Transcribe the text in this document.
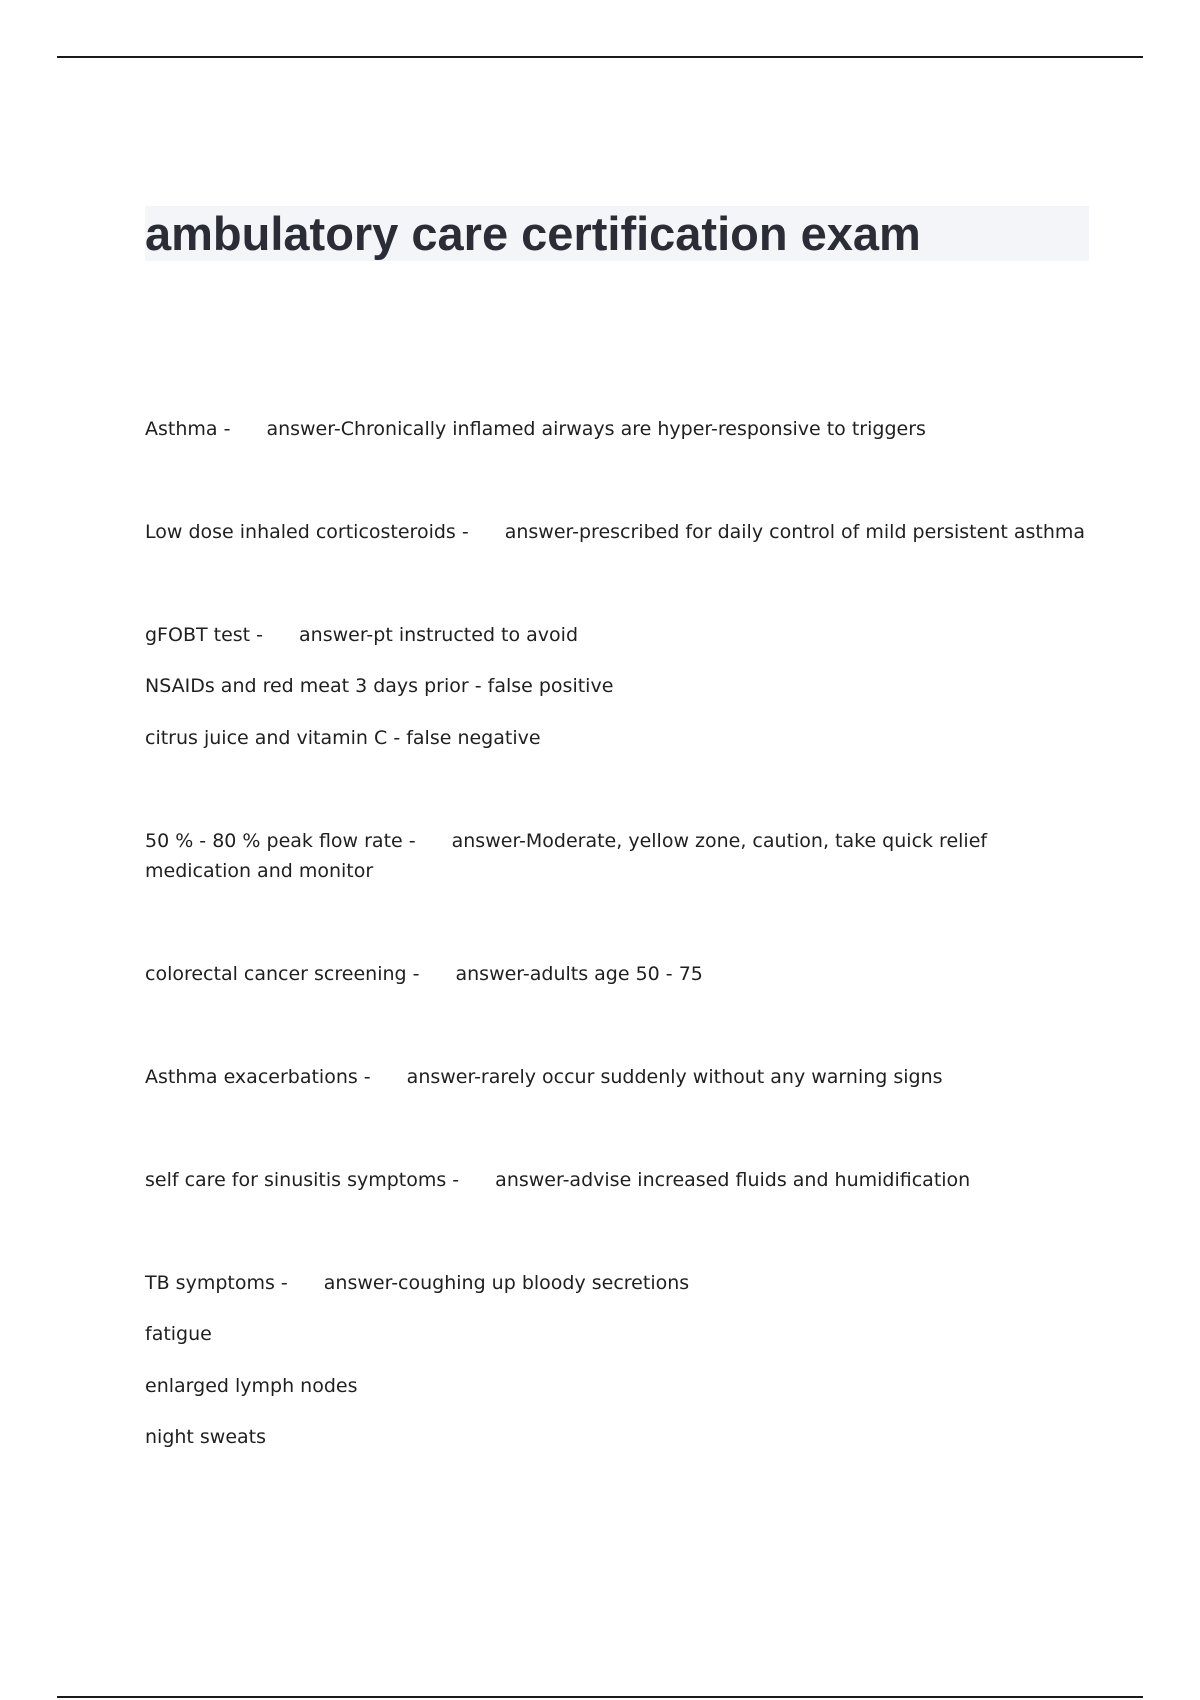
ambulatory care certification exam
Asthma - answer-Chronically inflamed airways are hyper-responsive to triggers
Low dose inhaled corticosteroids - answer-prescribed for daily control of mild persistent asthma
gFOBT test - answer-pt instructed to avoid
NSAIDs and red meat 3 days prior - false positive
citrus juice and vitamin C - false negative
50 % - 80 % peak flow rate - answer-Moderate, yellow zone, caution, take quick relief medication and monitor
colorectal cancer screening - answer-adults age 50 - 75
Asthma exacerbations - answer-rarely occur suddenly without any warning signs
self care for sinusitis symptoms - answer-advise increased fluids and humidification
TB symptoms - answer-coughing up bloody secretions
fatigue
enlarged lymph nodes
night sweats
